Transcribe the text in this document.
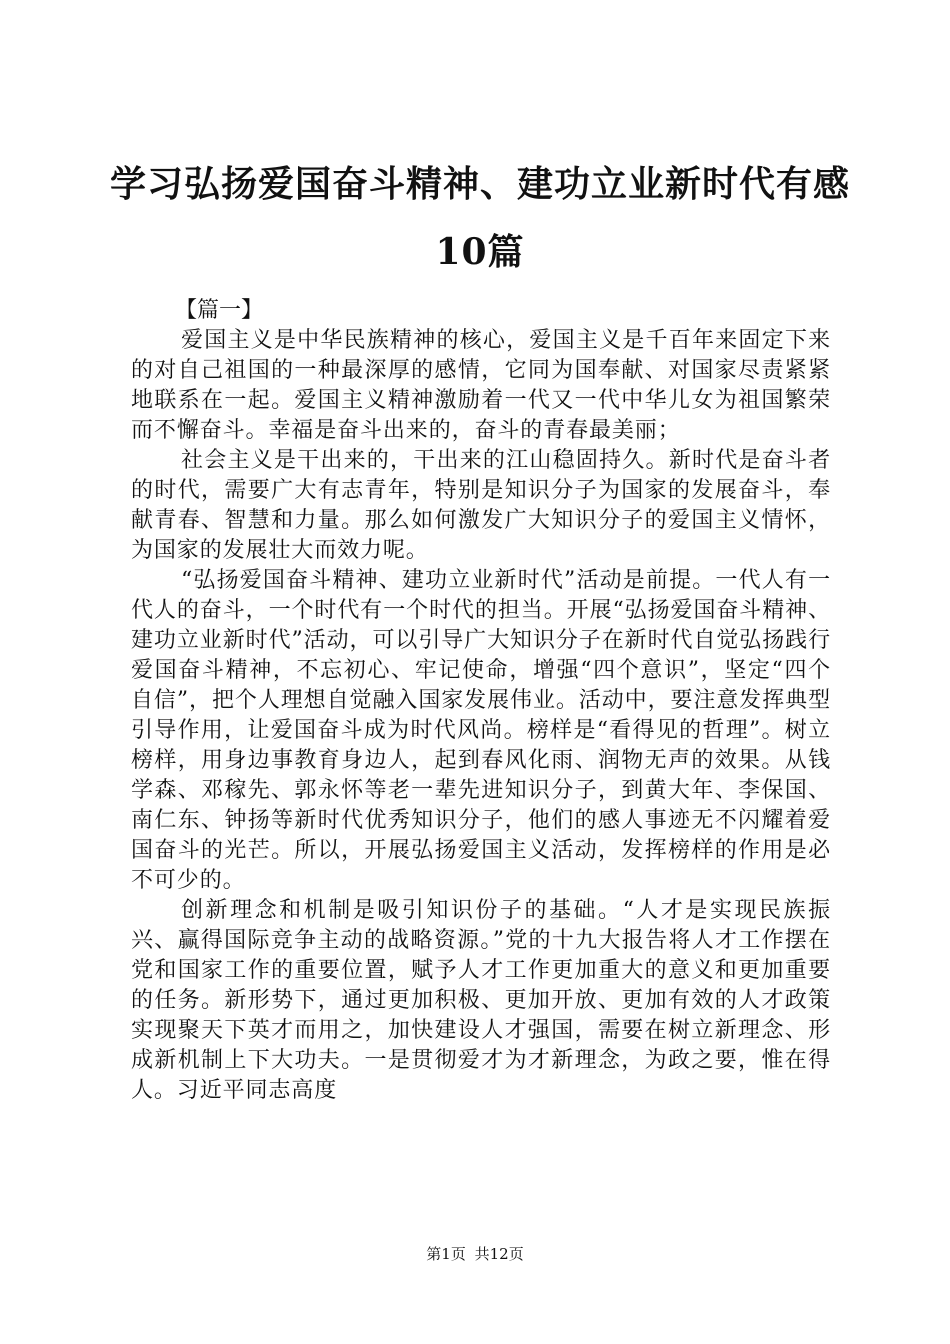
学习弘扬爱国奋斗精神、建功立业新时代有感
10篇
【篇一】

爱国主义是中华民族精神的核心，爱国主义是千百年来固定下来的对自己祖国的一种最深厚的感情，它同为国奉献、对国家尽责紧紧地联系在一起。爱国主义精神激励着一代又一代中华儿女为祖国繁荣而不懈奋斗。幸福是奋斗出来的，奋斗的青春最美丽；

社会主义是干出来的，干出来的江山稳固持久。新时代是奋斗者的时代，需要广大有志青年，特别是知识分子为国家的发展奋斗，奉献青春、智慧和力量。那么如何激发广大知识分子的爱国主义情怀，为国家的发展壮大而效力呢。

“弘扬爱国奋斗精神、建功立业新时代”活动是前提。一代人有一代人的奋斗，一个时代有一个时代的担当。开展“弘扬爱国奋斗精神、建功立业新时代”活动，可以引导广大知识分子在新时代自觉弘扬践行爱国奋斗精神，不忘初心、牢记使命，增强“四个意识”，坚定“四个自信”，把个人理想自觉融入国家发展伟业。活动中，要注意发挥典型引导作用，让爱国奋斗成为时代风尚。榜样是“看得见的哲理”。树立榜样，用身边事教育身边人，起到春风化雨、润物无声的效果。从钱学森、邓稼先、郭永怀等老一辈先进知识分子，到黄大年、李保国、南仁东、钟扬等新时代优秀知识分子，他们的感人事迹无不闪耀着爱国奋斗的光芒。所以，开展弘扬爱国主义活动，发挥榜样的作用是必不可少的。

创新理念和机制是吸引知识份子的基础。“人才是实现民族振兴、赢得国际竞争主动的战略资源。”党的十九大报告将人才工作摆在党和国家工作的重要位置，赋予人才工作更加重大的意义和更加重要的任务。新形势下，通过更加积极、更加开放、更加有效的人才政策实现聚天下英才而用之，加快建设人才强国，需要在树立新理念、形成新机制上下大功夫。一是贯彻爱才为才新理念，为政之要，惟在得人。习近平同志高度

第1页 共12页
